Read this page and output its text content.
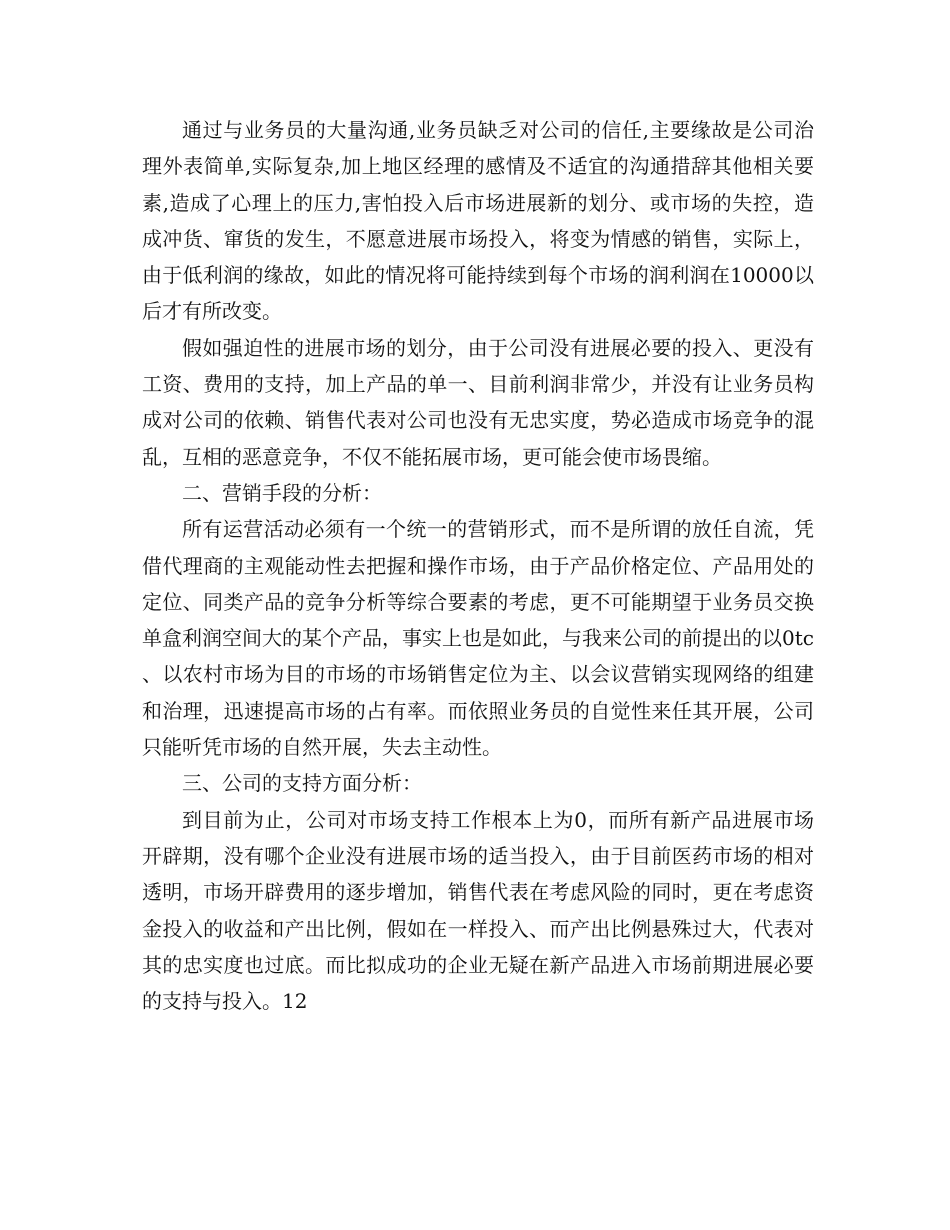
通过与业务员的大量沟通,业务员缺乏对公司的信任,主要缘故是公司治理外表简单,实际复杂,加上地区经理的感情及不适宜的沟通措辞其他相关要素,造成了心理上的压力,害怕投入后市场进展新的划分、或市场的失控，造成冲货、窜货的发生，不愿意进展市场投入，将变为情感的销售，实际上，由于低利润的缘故，如此的情况将可能持续到每个市场的润利润在10000以后才有所改变。

假如强迫性的进展市场的划分，由于公司没有进展必要的投入、更没有工资、费用的支持，加上产品的单一、目前利润非常少，并没有让业务员构成对公司的依赖、销售代表对公司也没有无忠实度，势必造成市场竞争的混乱，互相的恶意竞争，不仅不能拓展市场，更可能会使市场畏缩。

二、营销手段的分析：

所有运营活动必须有一个统一的营销形式，而不是所谓的放任自流，凭借代理商的主观能动性去把握和操作市场，由于产品价格定位、产品用处的定位、同类产品的竞争分析等综合要素的考虑，更不可能期望于业务员交换单盒利润空间大的某个产品，事实上也是如此，与我来公司的前提出的以0tc、以农村市场为目的市场的市场销售定位为主、以会议营销实现网络的组建和治理，迅速提高市场的占有率。而依照业务员的自觉性来任其开展，公司只能听凭市场的自然开展，失去主动性。

三、公司的支持方面分析：

到目前为止，公司对市场支持工作根本上为0，而所有新产品进展市场开辟期，没有哪个企业没有进展市场的适当投入，由于目前医药市场的相对透明，市场开辟费用的逐步增加，销售代表在考虑风险的同时，更在考虑资金投入的收益和产出比例，假如在一样投入、而产出比例悬殊过大，代表对其的忠实度也过底。而比拟成功的企业无疑在新产品进入市场前期进展必要的支持与投入。12
